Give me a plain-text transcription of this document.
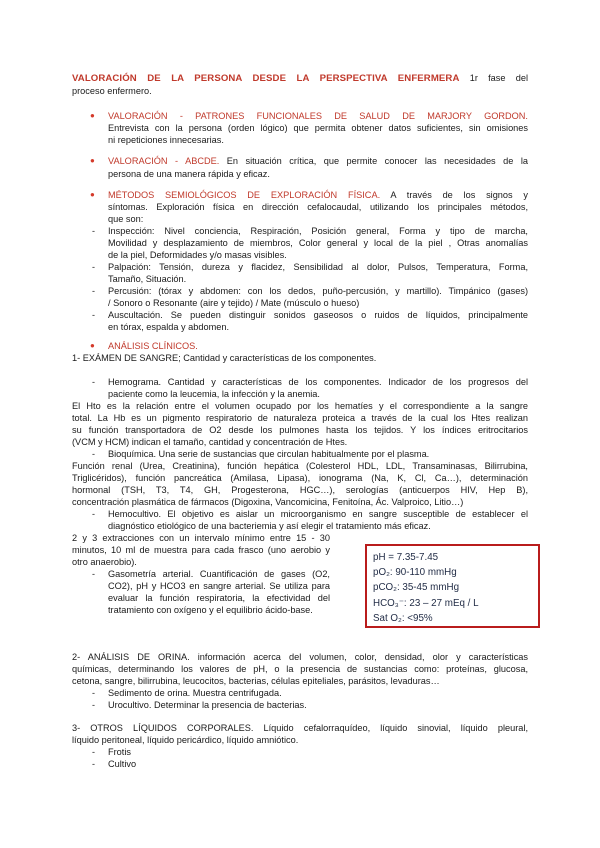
VALORACIÓN DE LA PERSONA DESDE LA PERSPECTIVA ENFERMERA 1r fase del

proceso enfermero.

●	VALORACIÓN - PATRONES FUNCIONALES DE SALUD DE MARJORY GORDON.

Entrevista con la persona (orden lógico) que permita obtener datos suficientes, sin omisiones

ni repeticiones innecesarias.

●	VALORACIÓN - ABCDE. En situación crítica, que permite conocer las necesidades de la

persona de una manera rápida y eficaz.

●	MÉTODOS SEMIOLÓGICOS DE EXPLORACIÓN FÍSICA. A través de los signos y

síntomas. Exploración física en dirección cefalocaudal, utilizando los principales métodos,

que son:

-	Inspección: Nivel conciencia, Respiración, Posición general, Forma y tipo de marcha,

Movilidad y desplazamiento de miembros, Color general y local de la piel , Otras anomalías

de la piel, Deformidades y/o masas visibles.

-	Palpación: Tensión, dureza y flacidez, Sensibilidad al dolor, Pulsos, Temperatura, Forma,

Tamaño, Situación.

-	Percusión: (tórax y abdomen: con los dedos, puño-percusión, y martillo). Timpánico (gases)

/ Sonoro o Resonante (aire y tejido) / Mate (músculo o hueso)

-	Auscultación. Se pueden distinguir sonidos gaseosos o ruidos de líquidos, principalmente

en tórax, espalda y abdomen.

●	ANÁLISIS CLÍNICOS.

1- EXÁMEN DE SANGRE; Cantidad y características de los componentes.

-	Hemograma. Cantidad y características de los componentes. Indicador de los progresos del

paciente como la leucemia, la infección y la anemia.

El Hto es la relación entre el volumen ocupado por los hematíes y el correspondiente a la sangre

total. La Hb es un pigmento respiratorio de naturaleza proteica a través de la cual los Htes realizan

su función transportadora de O2 desde los pulmones hasta los tejidos. Y los índices eritrocitarios

(VCM y HCM) indican el tamaño, cantidad y concentración de Htes.

-	Bioquímica. Una serie de sustancias que circulan habitualmente por el plasma.

Función renal (Urea, Creatinina), función hepática (Colesterol HDL, LDL, Transaminasas, Bilirrubina,

Triglicéridos), función pancreática (Amilasa, Lipasa), ionograma (Na, K, Cl, Ca…), determinación

hormonal (TSH, T3, T4, GH, Progesterona, HGC…), serologías (anticuerpos HIV, Hep B),

concentración plasmática de fármacos (Digoxina, Vancomicina, Fenitoína, Ác. Valproico, Litio…)

-	Hemocultivo. El objetivo es aislar un microorganismo en sangre susceptible de establecer el

diagnóstico etiológico de una bacteriemia y así elegir el tratamiento más eficaz.

2 y 3 extracciones con un intervalo mínimo entre 15 - 30

minutos, 10 ml de muestra para cada frasco (uno aerobio y

otro anaerobio).

-	Gasometría arterial. Cuantificación de gases (O2,

CO2), pH y HCO3 en sangre arterial. Se utiliza para

evaluar la función respiratoria, la efectividad del

tratamiento con oxígeno y el equilibrio ácido-base.

pH = 7.35-7.45
pO₂: 90-110 mmHg
pCO₂: 35-45 mmHg
HCO₃⁻: 23 – 27 mEq / L
Sat O₂: <95%

2- ANÁLISIS DE ORINA. información acerca del volumen, color, densidad, olor y características

químicas, determinando los valores de pH, o la presencia de sustancias como: proteínas, glucosa,

cetona, sangre, bilirrubina, leucocitos, bacterias, células epiteliales, parásitos, levaduras…

-	Sedimento de orina. Muestra centrifugada.

-	Urocultivo. Determinar la presencia de bacterias.

3- OTROS LÍQUIDOS CORPORALES. Líquido cefalorraquídeo, líquido sinovial, líquido pleural,

líquido peritoneal, líquido pericárdico, líquido amniótico.

-	Frotis

-	Cultivo
